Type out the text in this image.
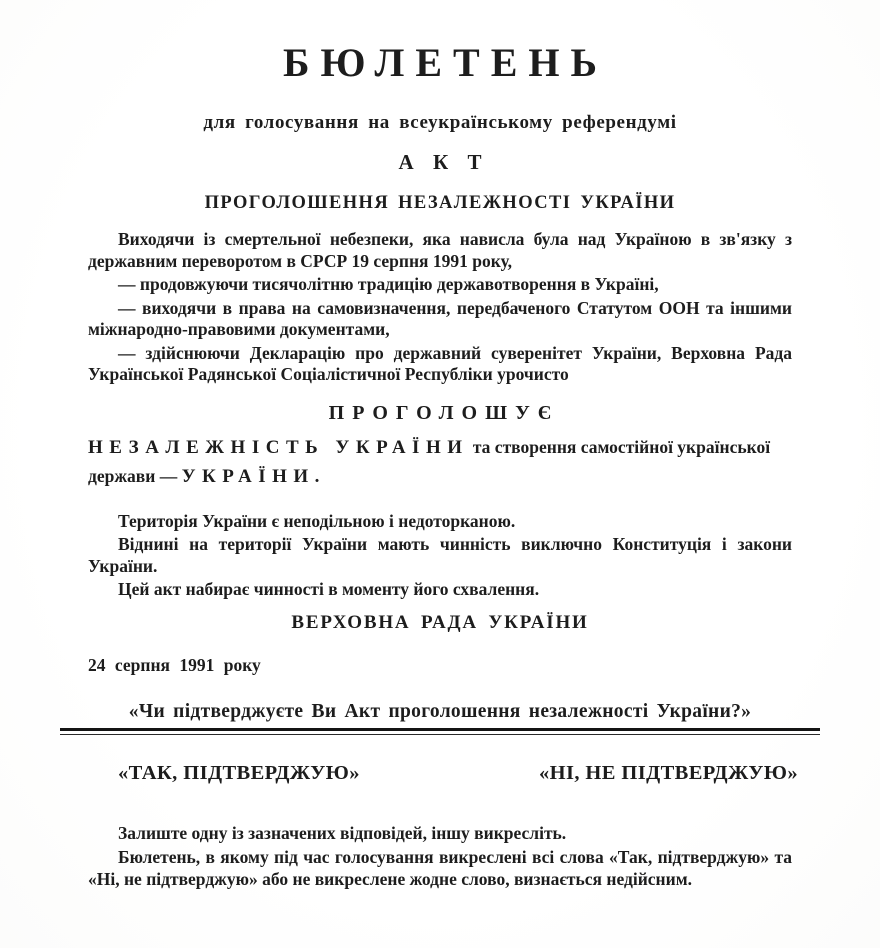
БЮЛЕТЕНЬ
для голосування на всеукраїнському референдумі
А К Т
ПРОГОЛОШЕННЯ НЕЗАЛЕЖНОСТІ УКРАЇНИ

Виходячи із смертельної небезпеки, яка нависла була над Україною в зв'язку з державним переворотом в СРСР 19 серпня 1991 року,

— продовжуючи тисячолітню традицію державотворення в Україні,

— виходячи в права на самовизначення, передбаченого Статутом ООН та іншими міжнародно-правовими документами,

— здійснюючи Декларацію про державний суверенітет України, Верховна Рада Української Радянської Соціалістичної Республіки урочисто

ПРОГОЛОШУЄ

НЕЗАЛЕЖНІСТЬ УКРАЇНИ та створення самостійної української держави — УКРАЇНИ.

Територія України є неподільною і недоторканою.

Віднині на території України мають чинність виключно Конституція і закони України.

Цей акт набирає чинності в моменту його схвалення.

ВЕРХОВНА РАДА УКРАЇНИ
24 серпня 1991 року
«Чи підтверджуєте Ви Акт проголошення незалежності України?»
«ТАК, ПІДТВЕРДЖУЮ»	«НІ, НЕ ПІДТВЕРДЖУЮ»

Залиште одну із зазначених відповідей, іншу викресліть.

Бюлетень, в якому під час голосування викреслені всі слова «Так, підтверджую» та «Ні, не підтверджую» або не викреслене жодне слово, визнається недійсним.
